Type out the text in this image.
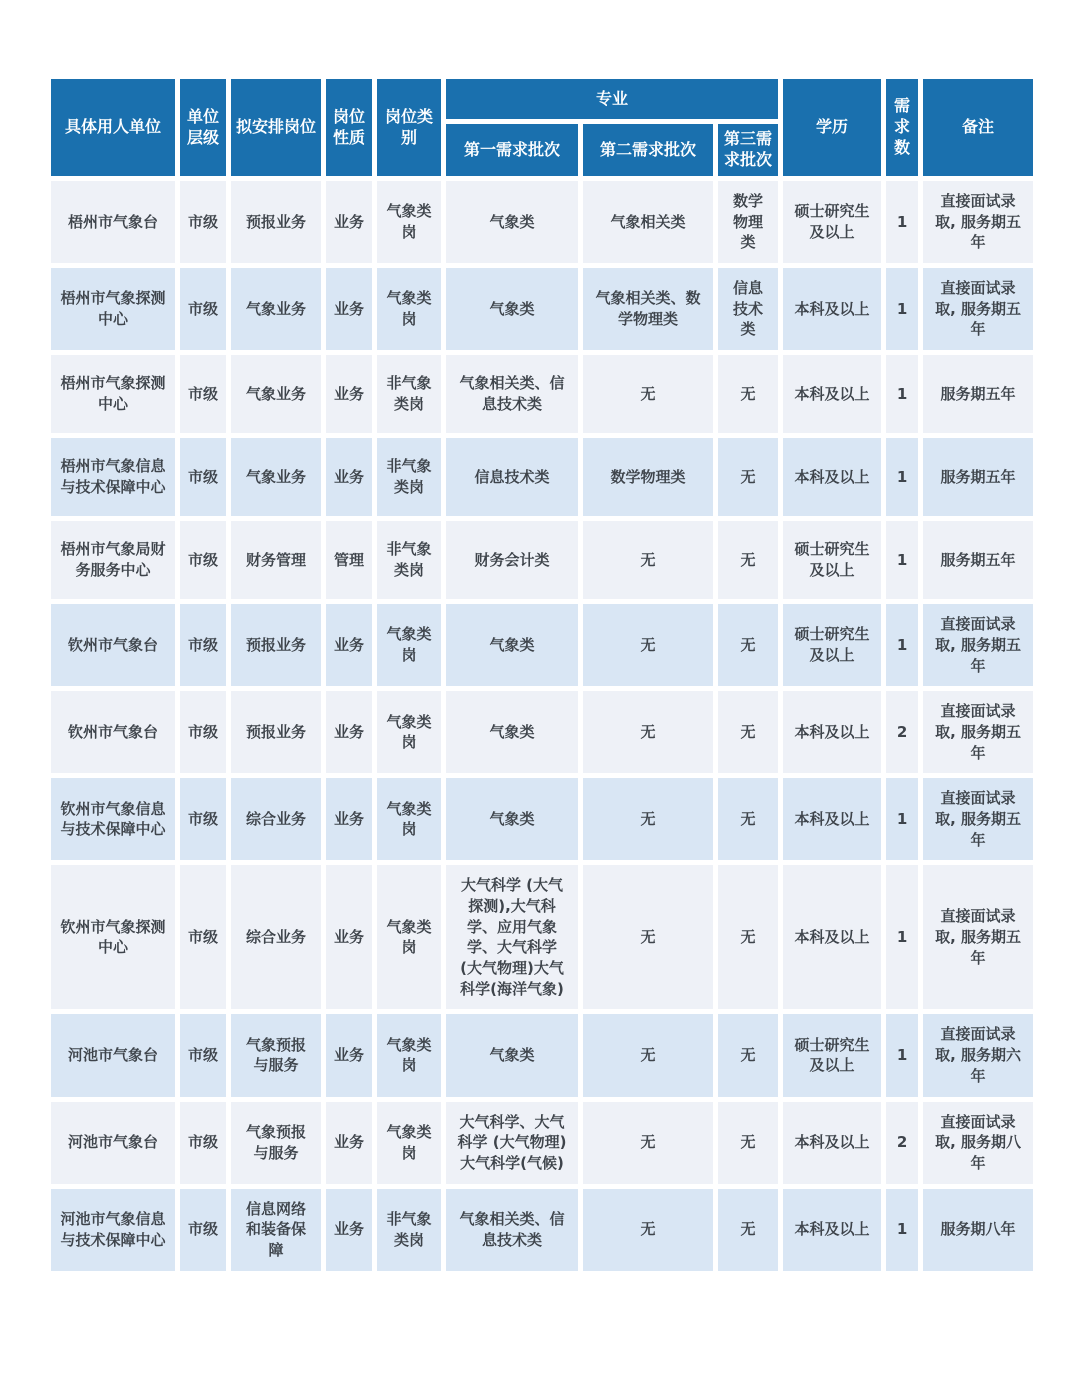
具体用人单位	单位层级	拟安排岗位	岗位性质	岗位类别	专业			学历	需求数	备注
					第一需求批次	第二需求批次	第三需求批次			
梧州市气象台	市级	预报业务	业务	气象类岗	气象类	气象相关类	数学物理类	硕士研究生及以上	1	直接面试录取, 服务期五年
梧州市气象探测中心	市级	气象业务	业务	气象类岗	气象类	气象相关类、数学物理类	信息技术类	本科及以上	1	直接面试录取, 服务期五年
梧州市气象探测中心	市级	气象业务	业务	非气象类岗	气象相关类、信息技术类	无	无	本科及以上	1	服务期五年
梧州市气象信息与技术保障中心	市级	气象业务	业务	非气象类岗	信息技术类	数学物理类	无	本科及以上	1	服务期五年
梧州市气象局财务服务中心	市级	财务管理	管理	非气象类岗	财务会计类	无	无	硕士研究生及以上	1	服务期五年
钦州市气象台	市级	预报业务	业务	气象类岗	气象类	无	无	硕士研究生及以上	1	直接面试录取, 服务期五年
钦州市气象台	市级	预报业务	业务	气象类岗	气象类	无	无	本科及以上	2	直接面试录取, 服务期五年
钦州市气象信息与技术保障中心	市级	综合业务	业务	气象类岗	气象类	无	无	本科及以上	1	直接面试录取, 服务期五年
钦州市气象探测中心	市级	综合业务	业务	气象类岗	大气科学 (大气探测),大气科学、应用气象学、大气科学 (大气物理)大气科学(海洋气象)	无	无	本科及以上	1	直接面试录取, 服务期五年
河池市气象台	市级	气象预报与服务	业务	气象类岗	气象类	无	无	硕士研究生及以上	1	直接面试录取, 服务期六年
河池市气象台	市级	气象预报与服务	业务	气象类岗	大气科学、大气科学 (大气物理)大气科学(气候)	无	无	本科及以上	2	直接面试录取, 服务期八年
河池市气象信息与技术保障中心	市级	信息网络和装备保障	业务	非气象类岗	气象相关类、信息技术类	无	无	本科及以上	1	服务期八年
